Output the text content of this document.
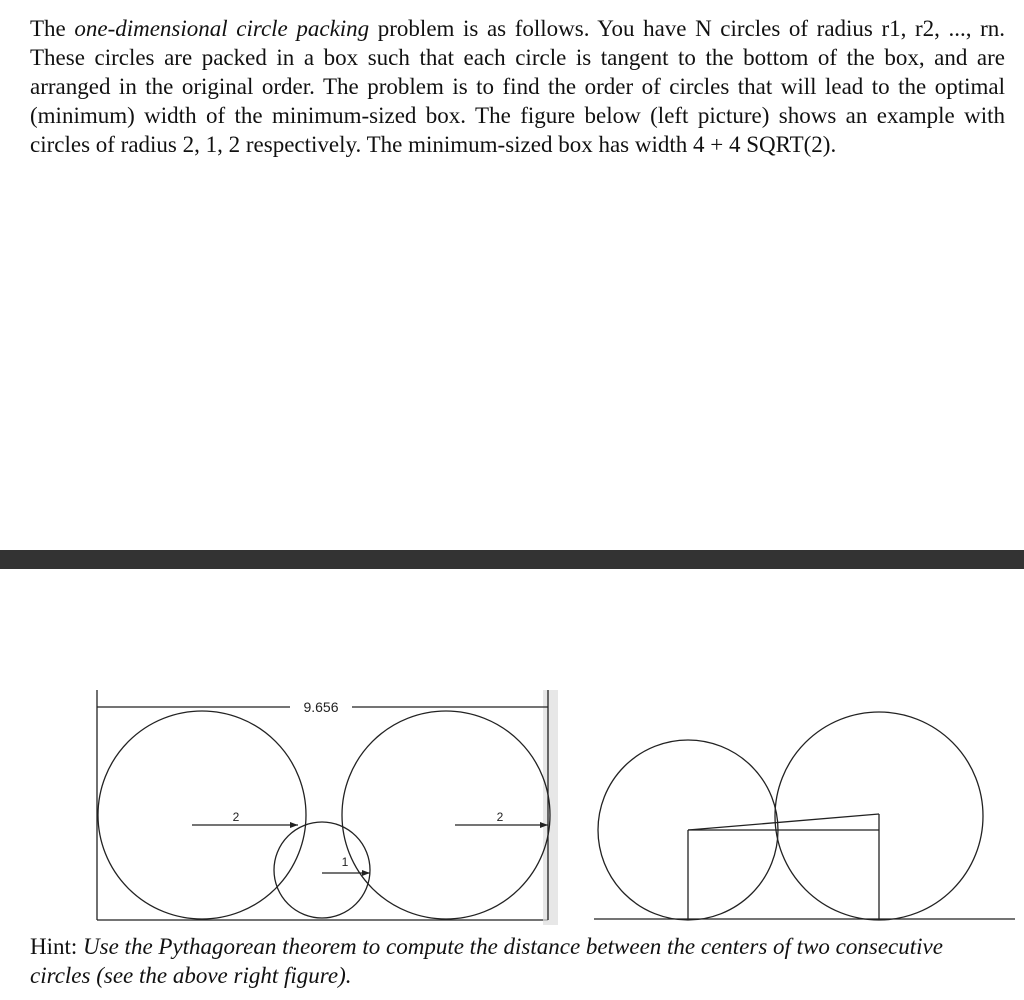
The one-dimensional circle packing problem is as follows. You have N circles of radius r1, r2, ..., rn. These circles are packed in a box such that each circle is tangent to the bottom of the box, and are arranged in the original order. The problem is to find the order of circles that will lead to the optimal (minimum) width of the minimum-sized box. The figure below (left picture) shows an example with circles of radius 2, 1, 2 respectively. The minimum-sized box has width 4 + 4 SQRT(2).

9.656
2
1
2

Hint: Use the Pythagorean theorem to compute the distance between the centers of two consecutive circles (see the above right figure).
